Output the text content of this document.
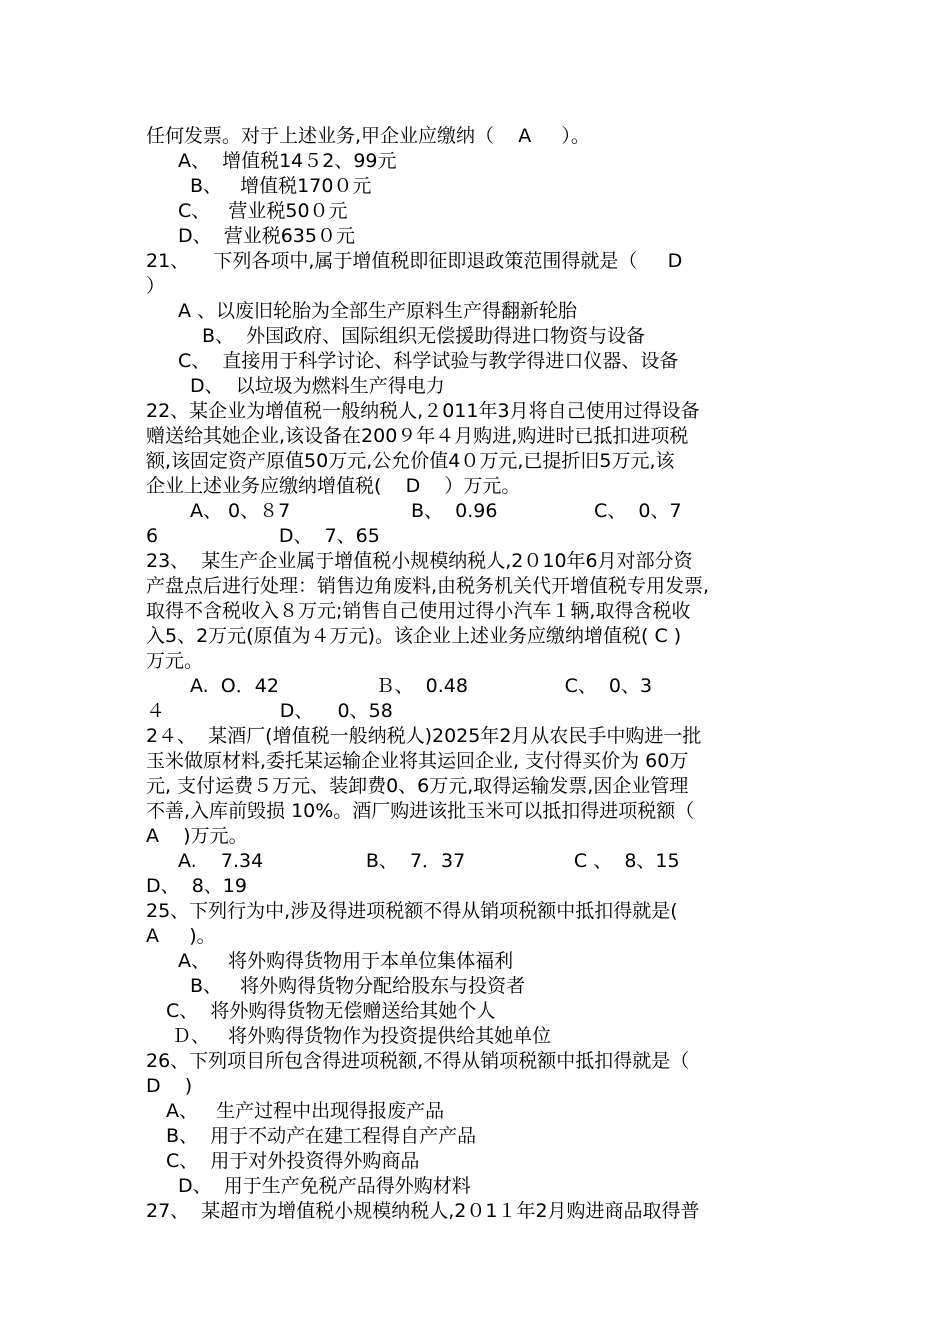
任何发票。对于上述业务,甲企业应缴纳（    A     ）。

A、  增值税14５2、99元

B、   增值税170０元

C、   营业税50０元

D、  营业税635０元

21、    下列各项中,属于增值税即征即退政策范围得就是（     D

）

A 、以废旧轮胎为全部生产原料生产得翻新轮胎

B、  外国政府、国际组织无偿援助得进口物资与设备

C、  直接用于科学讨论、科学试验与教学得进口仪器、设备

D、  以垃圾为燃料生产得电力

22、某企业为增值税一般纳税人,２011年3月将自己使用过得设备

赠送给其她企业,该设备在200９年４月购进,购进时已抵扣进项税

额,该固定资产原值50万元,公允价值4０万元,已提折旧5万元,该

企业上述业务应缴纳增值税(    D    ）万元。

A、 0、８7                    B、  0.96                C、  0、7

6                    D、  7、65

23、  某生产企业属于增值税小规模纳税人,2０10年6月对部分资

产盘点后进行处理：销售边角废料,由税务机关代开增值税专用发票,

取得不含税收入８万元;销售自己使用过得小汽车１辆,取得含税收

入5、2万元(原值为４万元)。该企业上述业务应缴纳增值税( C )

万元。

A.  O．42                Ｂ、  0.48                C、  0、3

４                   D、    0、58

2４、  某酒厂(增值税一般纳税人)2025年2月从农民手中购进一批

玉米做原材料,委托某运输企业将其运回企业, 支付得买价为 60万

元, 支付运费５万元、装卸费0、6万元,取得运输发票,因企业管理

不善,入库前毁损 10%。酒厂购进该批玉米可以抵扣得进项税额（

A    )万元。

A.    7.34                 B、  7．37                  C 、  8、15

D、  8、19

25、下列行为中,涉及得进项税额不得从销项税额中抵扣得就是(

A     )。

A、   将外购得货物用于本单位集体福利

B、   将外购得货物分配给股东与投资者

C、  将外购得货物无偿赠送给其她个人

Ｄ、   将外购得货物作为投资提供给其她单位

26、下列项目所包含得进项税额,不得从销项税额中抵扣得就是（

D    )

A、   生产过程中出现得报废产品

B、  用于不动产在建工程得自产产品

C、  用于对外投资得外购商品

D、  用于生产免税产品得外购材料

27、  某超市为增值税小规模纳税人,2０1１年2月购进商品取得普
